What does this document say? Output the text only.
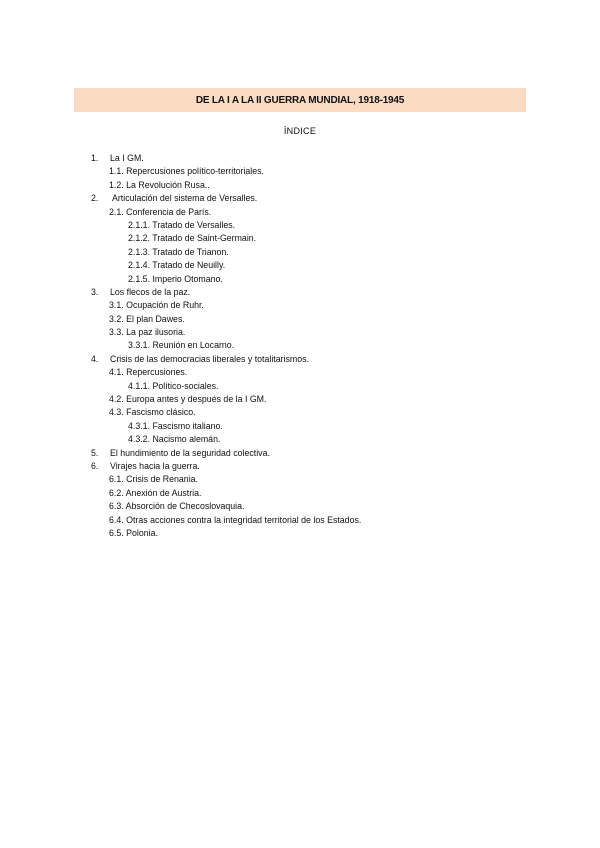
DE LA I A LA II GUERRA MUNDIAL, 1918-1945
ÍNDICE
1. La I GM.
1.1. Repercusiones político-territoriales.
1.2. La Revolución Rusa..
2. Articulación del sistema de Versalles.
2.1. Conferencia de París.
2.1.1. Tratado de Versalles.
2.1.2. Tratado de Saint-Germain.
2.1.3. Tratado de Trianon.
2.1.4. Tratado de Neuilly.
2.1.5. Imperio Otomano.
3. Los flecos de la paz.
3.1. Ocupación de Ruhr.
3.2. El plan Dawes.
3.3. La paz ilusoria.
3.3.1. Reunión en Locarno.
4. Crisis de las democracias liberales y totalitarismos.
4.1. Repercusiones.
4.1.1. Político-sociales.
4.2. Europa antes y después de la I GM.
4.3. Fascismo clásico.
4.3.1. Fascismo italiano.
4.3.2. Nacismo alemán.
5. El hundimiento de la seguridad colectiva.
6. Virajes hacia la guerra.
6.1. Crisis de Renania.
6.2. Anexión de Austria.
6.3. Absorción de Checoslovaquia.
6.4. Otras acciones contra la integridad territorial de los Estados.
6.5. Polonia.
